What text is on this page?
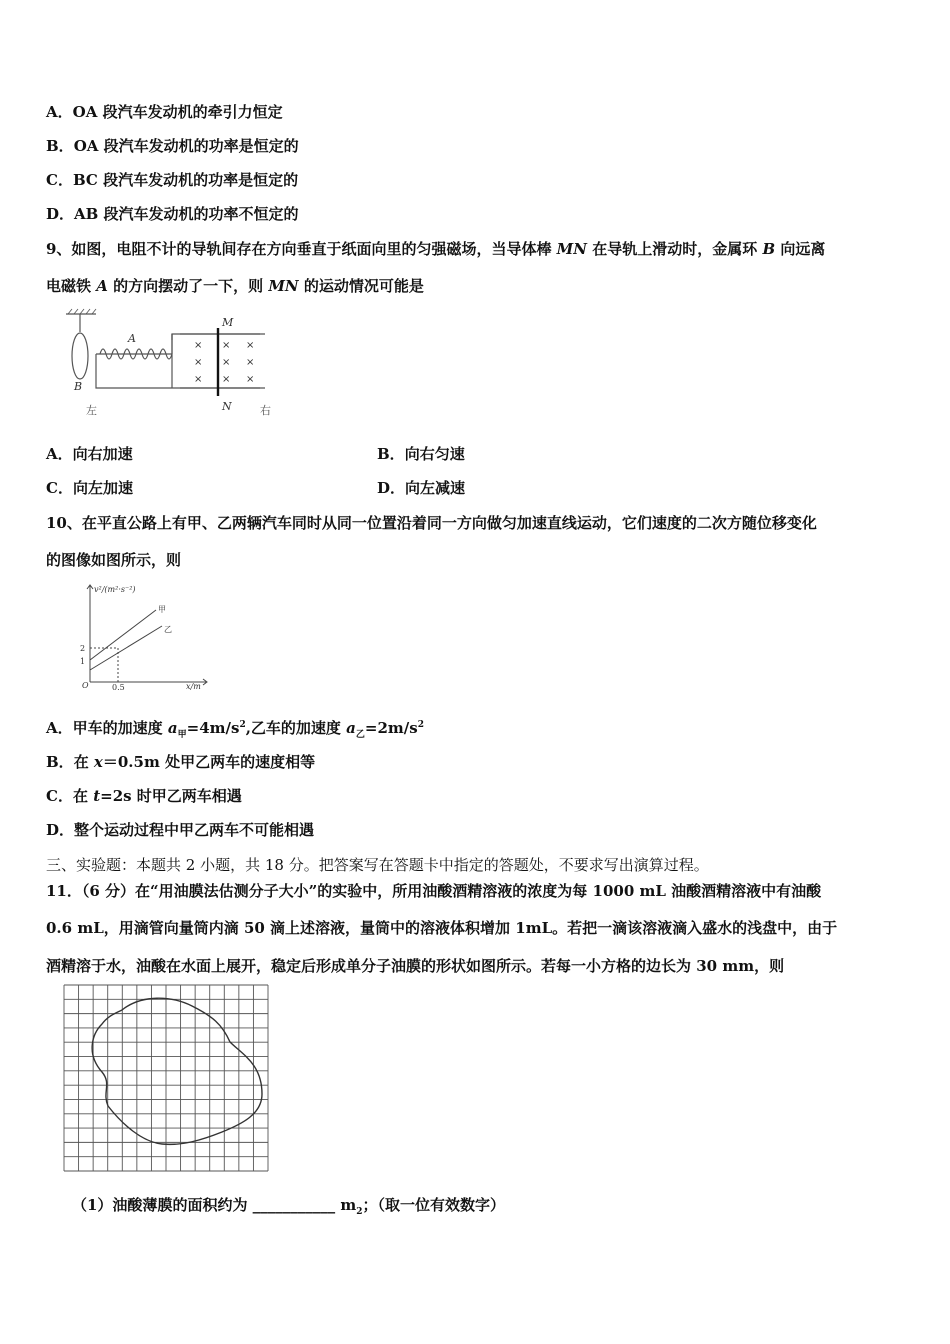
A．OA 段汽车发动机的牵引力恒定
B．OA 段汽车发动机的功率是恒定的
C．BC 段汽车发动机的功率是恒定的
D．AB 段汽车发动机的功率不恒定的
9、如图，电阻不计的导轨间存在方向垂直于纸面向里的匀强磁场，当导体棒 MN 在导轨上滑动时，金属环 B 向远离
电磁铁 A 的方向摆动了一下，则 MN 的运动情况可能是
×
×
×
×
×
×
×
×
×
A
B
M
N
左	右
A．向右加速	B．向右匀速
C．向左加速	D．向左减速
10、在平直公路上有甲、乙两辆汽车同时从同一位置沿着同一方向做匀加速直线运动，它们速度的二次方随位移变化
的图像如图所示，则
v²/(m²·s⁻²)
x/m
O
2
1
0.5
甲
乙
A．甲车的加速度 $a_甲=4m/s^2$,乙车的加速度 $a_乙=2m/s^2$
B．在 x＝0.5m 处甲乙两车的速度相等
C．在 t=2s 时甲乙两车相遇
D．整个运动过程中甲乙两车不可能相遇
三、实验题：本题共 2 小题，共 18 分。把答案写在答题卡中指定的答题处，不要求写出演算过程。
11．（6 分）在“用油膜法估测分子大小”的实验中，所用油酸酒精溶液的浓度为每 1000 mL 油酸酒精溶液中有油酸
0.6 mL，用滴管向量筒内滴 50 滴上述溶液，量筒中的溶液体积增加 1mL。若把一滴该溶液滴入盛水的浅盘中，由于
酒精溶于水，油酸在水面上展开，稳定后形成单分子油膜的形状如图所示。若每一小方格的边长为 30 mm，则
（1）油酸薄膜的面积约为 ___________ $m_2$；（取一位有效数字）
